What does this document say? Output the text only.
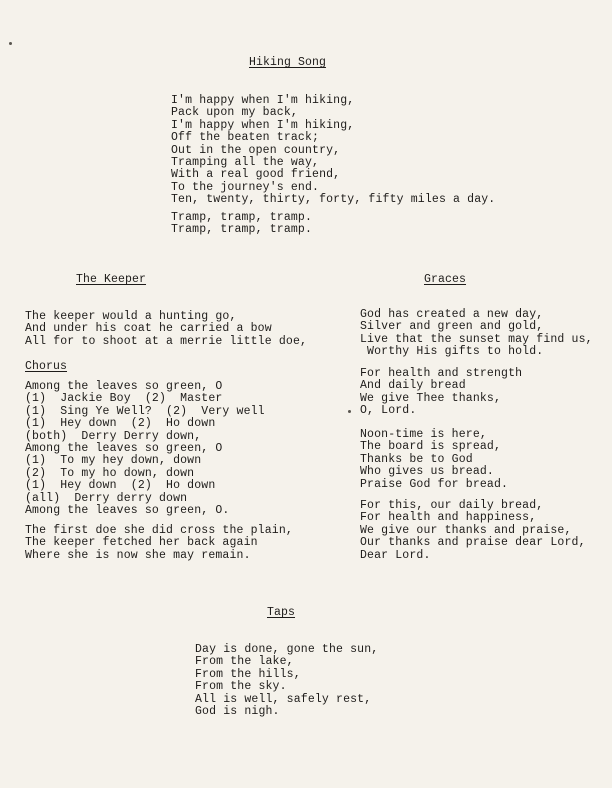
Hiking Song
I'm happy when I'm hiking,
Pack upon my back,
I'm happy when I'm hiking,
Off the beaten track;
Out in the open country,
Tramping all the way,
With a real good friend,
To the journey's end.
Ten, twenty, thirty, forty, fifty miles a day.
Tramp, tramp, tramp.
Tramp, tramp, tramp.
The Keeper
The keeper would a hunting go,
And under his coat he carried a bow
All for to shoot at a merrie little doe,
Chorus
Among the leaves so green, O
(1)  Jackie Boy  (2)  Master
(1)  Sing Ye Well?  (2)  Very well
(1)  Hey down  (2)  Ho down
(both)  Derry Derry down,
Among the leaves so green, O
(1)  To my hey down, down
(2)  To my ho down, down
(1)  Hey down  (2)  Ho down
(all)  Derry derry down
Among the leaves so green, O.
The first doe she did cross the plain,
The keeper fetched her back again
Where she is now she may remain.
Graces
God has created a new day,
Silver and green and gold,
Live that the sunset may find us,
Worthy His gifts to hold.
For health and strength
And daily bread
We give Thee thanks,
O, Lord.
Noon-time is here,
The board is spread,
Thanks be to God
Who gives us bread.
Praise God for bread.
For this, our daily bread,
For health and happiness,
We give our thanks and praise,
Our thanks and praise dear Lord,
Dear Lord.
Taps
Day is done, gone the sun,
From the lake,
From the hills,
From the sky.
All is well, safely rest,
God is nigh.
